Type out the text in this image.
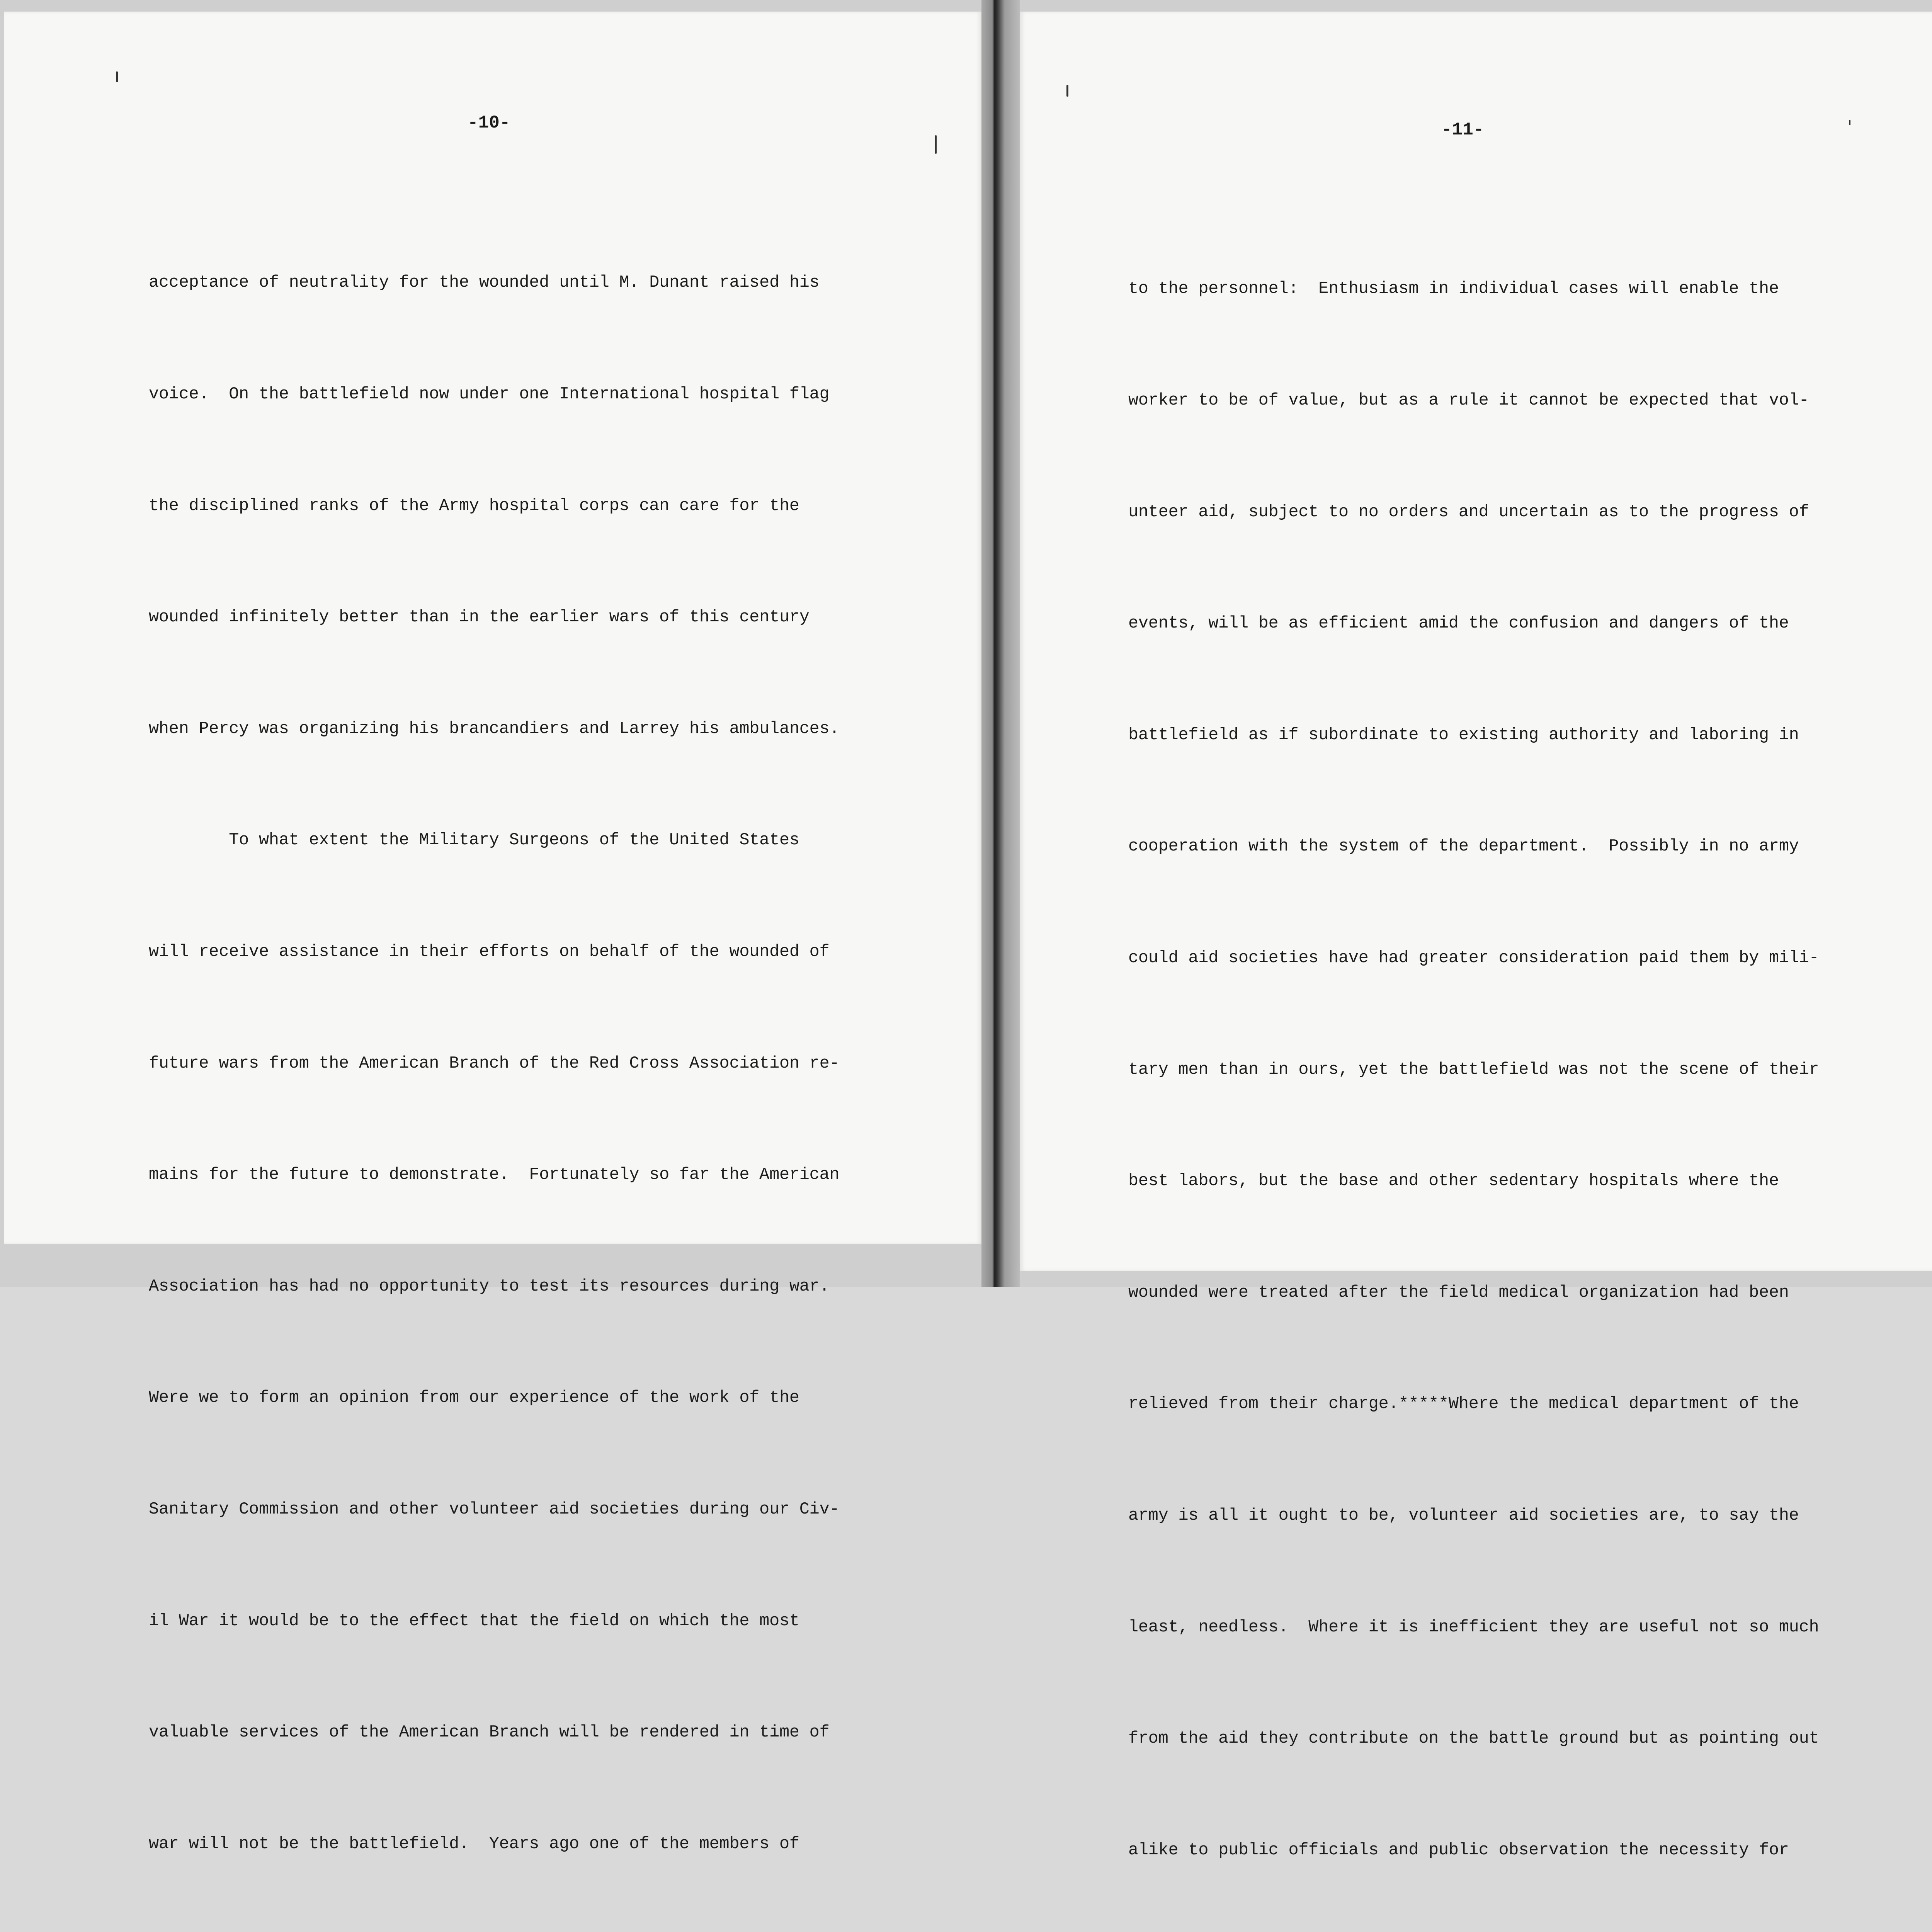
-10-

acceptance of neutrality for the wounded until M. Dunant raised his

voice.  On the battlefield now under one International hospital flag

the disciplined ranks of the Army hospital corps can care for the

wounded infinitely better than in the earlier wars of this century

when Percy was organizing his brancandiers and Larrey his ambulances.

To what extent the Military Surgeons of the United States

will receive assistance in their efforts on behalf of the wounded of

future wars from the American Branch of the Red Cross Association re-

mains for the future to demonstrate.  Fortunately so far the American

Association has had no opportunity to test its resources during war.

Were we to form an opinion from our experience of the work of the

Sanitary Commission and other volunteer aid societies during our Civ-

il War it would be to the effect that the field on which the most

valuable services of the American Branch will be rendered in time of

war will not be the battlefield.  Years ago one of the members of

-11-

to the personnel:  Enthusiasm in individual cases will enable the

worker to be of value, but as a rule it cannot be expected that vol-

unteer aid, subject to no orders and uncertain as to the progress of

events, will be as efficient amid the confusion and dangers of the

battlefield as if subordinate to existing authority and laboring in

cooperation with the system of the department.  Possibly in no army

could aid societies have had greater consideration paid them by mili-

tary men than in ours, yet the battlefield was not the scene of their

best labors, but the base and other sedentary hospitals where the

wounded were treated after the field medical organization had been

relieved from their charge.*****Where the medical department of the

army is all it ought to be, volunteer aid societies are, to say the

least, needless.  Where it is inefficient they are useful not so much

from the aid they contribute on the battle ground but as pointing out

alike to public officials and public observation the necessity for
